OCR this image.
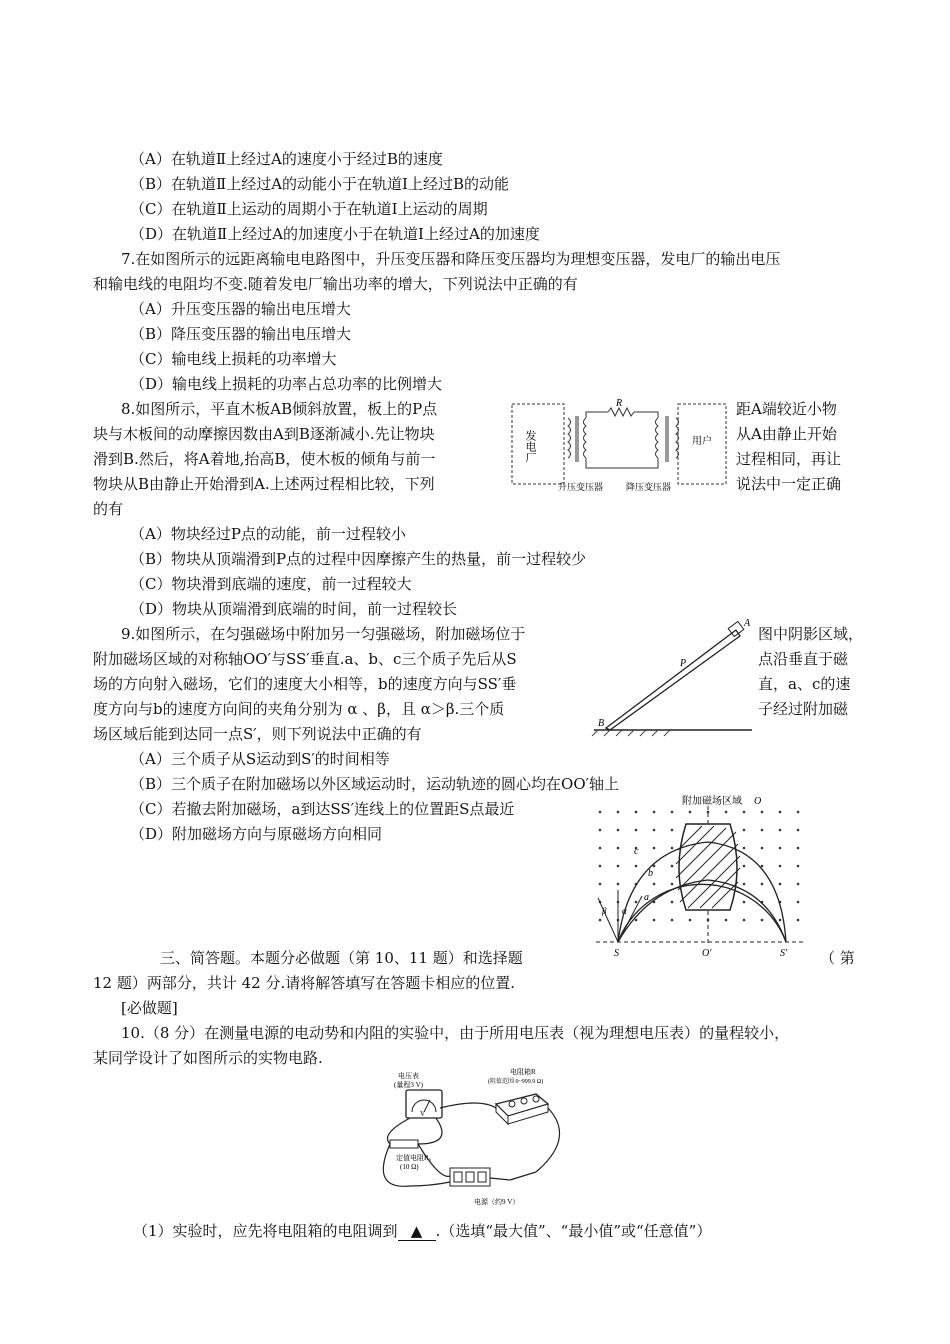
（A）在轨道Ⅱ上经过A的速度小于经过B的速度
（B）在轨道Ⅱ上经过A的动能小于在轨道Ⅰ上经过B的动能
（C）在轨道Ⅱ上运动的周期小于在轨道Ⅰ上运动的周期
（D）在轨道Ⅱ上经过A的加速度小于在轨道Ⅰ上经过A的加速度
7.在如图所示的远距离输电电路图中，升压变压器和降压变压器均为理想变压器，发电厂的输出电压
和输电线的电阻均不变.随着发电厂输出功率的增大，下列说法中正确的有
（A）升压变压器的输出电压增大
（B）降压变压器的输出电压增大
（C）输电线上损耗的功率增大
（D）输电线上损耗的功率占总功率的比例增大
发电厂	用户
R
升压变压器	降压变压器
8.如图所示，平直木板AB倾斜放置，板上的P点
块与木板间的动摩擦因数由A到B逐渐减小.先让物块
滑到B.然后，将A着地,抬高B，使木板的倾角与前一
物块从B由静止开始滑到A.上述两过程相比较，下列
距A端较近小物
从A由静止开始
过程相同，再让
说法中一定正确
的有
（A）物块经过P点的动能，前一过程较小
（B）物块从顶端滑到P点的过程中因摩擦产生的热量，前一过程较少
（C）物块滑到底端的速度，前一过程较大
（D）物块从顶端滑到底端的时间，前一过程较长
A
P
B
9.如图所示，在匀强磁场中附加另一匀强磁场，附加磁场位于
附加磁场区域的对称轴OO′与SS′垂直.a、b、c三个质子先后从S
场的方向射入磁场，它们的速度大小相等，b的速度方向与SS′垂
度方向与b的速度方向间的夹角分别为 α 、β，且 α＞β.三个质
场区域后能到达同一点S′，则下列说法中正确的有
图中阴影区域，
点沿垂直于磁
直，a、c的速
子经过附加磁
（A）三个质子从S运动到S′的时间相等
（B）三个质子在附加磁场以外区域运动时，运动轨迹的圆心均在OO′轴上
（C）若撤去附加磁场，a到达SS′连线上的位置距S点最近
（D）附加磁场方向与原磁场方向相同
附加磁场区域 O
O′
S	S′
a
b
c
α
β
三、简答题。本题分必做题（第 10、11 题）和选择题	（ 第
12 题）两部分，共计 42 分.请将解答填写在答题卡相应的位置.
[必做题]
10.（8 分）在测量电源的电动势和内阻的实验中，由于所用电压表（视为理想电压表）的量程较小，
某同学设计了如图所示的实物电路.
V
电压表
(量程3 V)
电阻箱R
(阻值范围 0~999.9 Ω)
定值电阻R₀
(10 Ω)
电源（约9 V）
（1）实验时，应先将电阻箱的电阻调到 ▲ .（选填“最大值”、“最小值”或“任意值”）
